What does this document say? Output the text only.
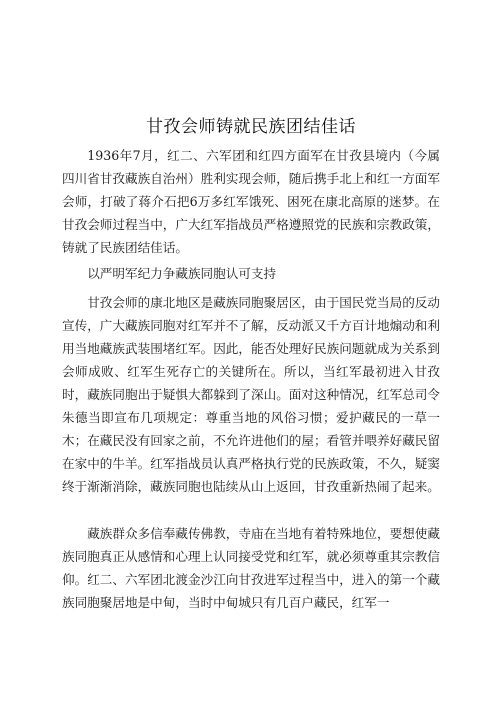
甘孜会师铸就民族团结佳话

1936年7月，红二、六军团和红四方面军在甘孜县境内（今属四川省甘孜藏族自治州）胜利实现会师，随后携手北上和红一方面军会师，打破了蒋介石把6万多红军饿死、困死在康北高原的迷梦。在甘孜会师过程当中，广大红军指战员严格遵照党的民族和宗教政策，铸就了民族团结佳话。

以严明军纪力争藏族同胞认可支持

甘孜会师的康北地区是藏族同胞聚居区，由于国民党当局的反动宣传，广大藏族同胞对红军并不了解，反动派又千方百计地煽动和利用当地藏族武装围堵红军。因此，能否处理好民族问题就成为关系到会师成败、红军生死存亡的关键所在。所以，当红军最初进入甘孜时，藏族同胞出于疑惧大都躲到了深山。面对这种情况，红军总司令朱德当即宣布几项规定：尊重当地的风俗习惯；爱护藏民的一草一木；在藏民没有回家之前，不允许进他们的屋；看管并喂养好藏民留在家中的牛羊。红军指战员认真严格执行党的民族政策，不久，疑窦终于渐渐消除，藏族同胞也陆续从山上返回，甘孜重新热闹了起来。

藏族群众多信奉藏传佛教，寺庙在当地有着特殊地位，要想使藏族同胞真正从感情和心理上认同接受党和红军，就必须尊重其宗教信仰。红二、六军团北渡金沙江向甘孜进军过程当中，进入的第一个藏族同胞聚居地是中甸，当时中甸城只有几百户藏民，红军一
